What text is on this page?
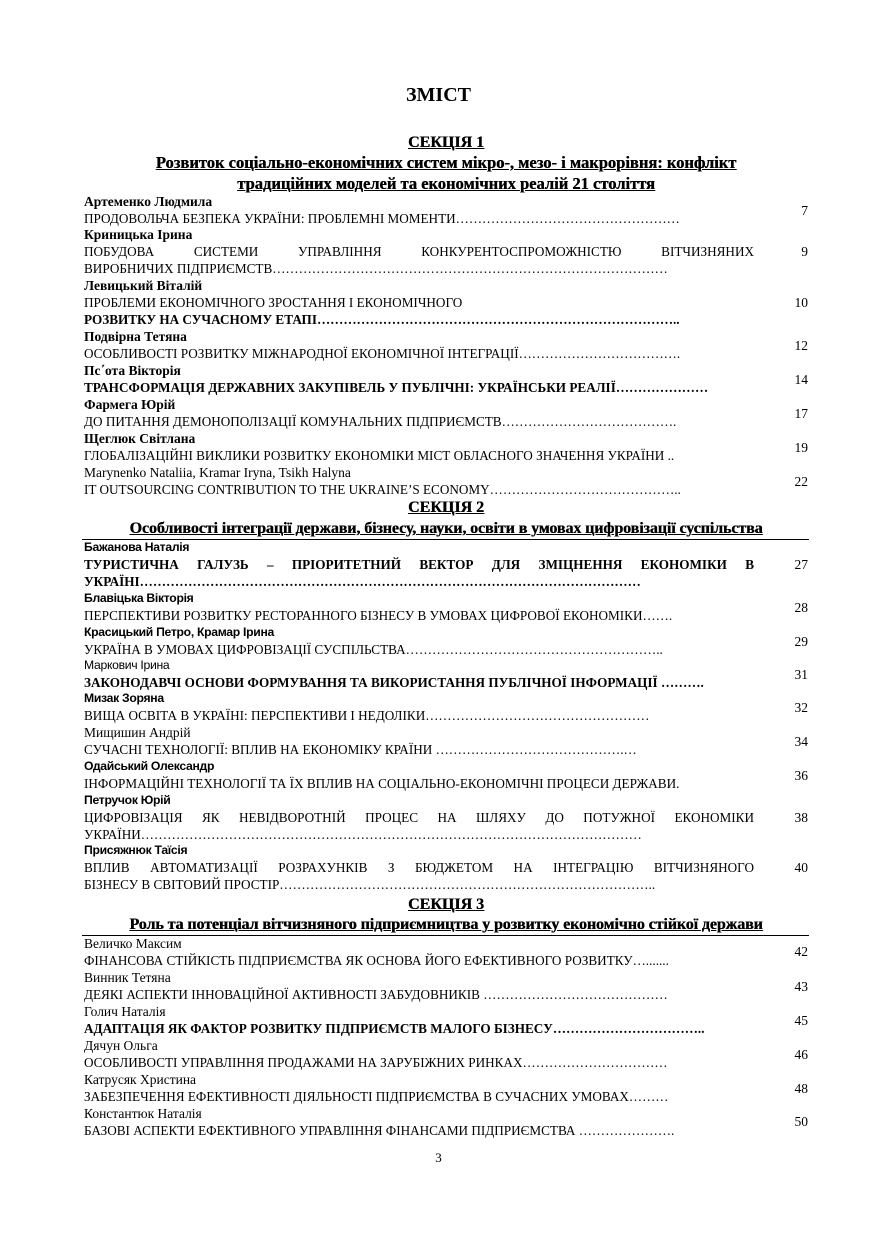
ЗМІСТ
СЕКЦІЯ 1
Розвиток соціально-економічних систем мікро-, мезо- і макрорівня: конфлікт
традиційних моделей та економічних реалій 21 століття
Артеменко Людмила
ПРОДОВОЛЬЧА БЕЗПЕКА УКРАЇНИ: ПРОБЛЕМНІ МОМЕНТИ……………………………………………
7
Криницька Ірина
ПОБУДОВА СИСТЕМИ УПРАВЛІННЯ КОНКУРЕНТОСПРОМОЖНІСТЮ ВІТЧИЗНЯНИХ
ВИРОБНИЧИХ ПІДПРИЄМСТВ………………………………………………………………………………
9
Левицький Віталій
ПРОБЛЕМИ ЕКОНОМІЧНОГО ЗРОСТАННЯ І ЕКОНОМІЧНОГО
РОЗВИТКУ НА СУЧАСНОМУ ЕТАПІ………………………………………………………………………..
10
Подвірна Тетяна
ОСОБЛИВОСТІ РОЗВИТКУ МІЖНАРОДНОЇ ЕКОНОМІЧНОЇ ІНТЕГРАЦІЇ……………………………….
12
Пс΄ота Вікторія
ТРАНСФОРМАЦІЯ ДЕРЖАВНИХ ЗАКУПІВЕЛЬ У ПУБЛІЧНІ: УКРАЇНСЬКИ РЕАЛІЇ…………………
14
Фармега Юрій
ДО ПИТАННЯ ДЕМОНОПОЛІЗАЦІЇ КОМУНАЛЬНИХ ПІДПРИЄМСТВ………………………………….
17
Щеглюк Світлана
ГЛОБАЛІЗАЦІЙНІ ВИКЛИКИ РОЗВИТКУ ЕКОНОМІКИ МІСТ ОБЛАСНОГО ЗНАЧЕННЯ УКРАЇНИ ..
19
Marynenko Nataliia, Kramar Iryna, Tsikh Halyna
IT OUTSOURCING CONTRIBUTION TO THE UKRAINE’S ECONOMY……………………………………..
22
СЕКЦІЯ 2
Особливості інтеграції держави, бізнесу, науки, освіти в умовах цифровізації суспільства
Бажанова Наталія
ТУРИСТИЧНА ГАЛУЗЬ – ПРІОРИТЕТНИЙ ВЕКТОР ДЛЯ ЗМІЦНЕННЯ ЕКОНОМІКИ В
УКРАЇНІ……………………………………………………………………………………………………
27
Блавіцька Вікторія
ПЕРСПЕКТИВИ РОЗВИТКУ РЕСТОРАННОГО БІЗНЕСУ В УМОВАХ ЦИФРОВОЇ ЕКОНОМІКИ…….
28
Красицький Петро, Крамар Ірина
УКРАЇНА В УМОВАХ ЦИФРОВІЗАЦІЇ СУСПІЛЬСТВА…………………………………………………..
29
Маркович Ірина
ЗАКОНОДАВЧІ ОСНОВИ ФОРМУВАННЯ ТА ВИКОРИСТАННЯ ПУБЛІЧНОЇ ІНФОРМАЦІЇ ……….
31
Мизак Зоряна
ВИЩА ОСВІТА В УКРАЇНІ: ПЕРСПЕКТИВИ І НЕДОЛІКИ……………………………………………
32
Мищишин Андрій
СУЧАСНІ ТЕХНОЛОГІЇ: ВПЛИВ НА ЕКОНОМІКУ КРАЇНИ …………………………………….…
34
Одайський Олександр
ІНФОРМАЦІЙНІ ТЕХНОЛОГІЇ ТА ЇХ ВПЛИВ НА СОЦІАЛЬНО-ЕКОНОМІЧНІ ПРОЦЕСИ ДЕРЖАВИ.
36
Петручок Юрій
ЦИФРОВІЗАЦІЯ ЯК НЕВІДВОРОТНІЙ ПРОЦЕС НА ШЛЯХУ ДО ПОТУЖНОЇ ЕКОНОМІКИ
УКРАЇНИ……………………………………………………………………………………………………
38
Присяжнюк Таїсія
ВПЛИВ АВТОМАТИЗАЦІЇ РОЗРАХУНКІВ З БЮДЖЕТОМ НА ІНТЕГРАЦІЮ ВІТЧИЗНЯНОГО
БІЗНЕСУ В СВІТОВИЙ ПРОСТІР…………………………………………………………………………..
40
СЕКЦІЯ 3
Роль та потенціал вітчизняного підприємництва у розвитку економічно стійкої держави
Величко Максим
ФІНАНСОВА СТІЙКІСТЬ ПІДПРИЄМСТВА ЯК ОСНОВА ЙОГО ЕФЕКТИВНОГО РОЗВИТКУ….......
42
Винник Тетяна
ДЕЯКІ АСПЕКТИ ІННОВАЦІЙНОЇ АКТИВНОСТІ ЗАБУДОВНИКІВ ……………………………………
43
Голич Наталія
АДАПТАЦІЯ ЯК ФАКТОР РОЗВИТКУ ПІДПРИЄМСТВ МАЛОГО БІЗНЕСУ……………………………..
45
Дячун Ольга
ОСОБЛИВОСТІ УПРАВЛІННЯ ПРОДАЖАМИ НА ЗАРУБІЖНИХ РИНКАХ……………………………
46
Катрусяк Христина
ЗАБЕЗПЕЧЕННЯ ЕФЕКТИВНОСТІ ДІЯЛЬНОСТІ ПІДПРИЄМСТВА В СУЧАСНИХ УМОВАХ………
48
Константюк Наталія
БАЗОВІ АСПЕКТИ ЕФЕКТИВНОГО УПРАВЛІННЯ ФІНАНСАМИ ПІДПРИЄМСТВА ………………….
50
3
